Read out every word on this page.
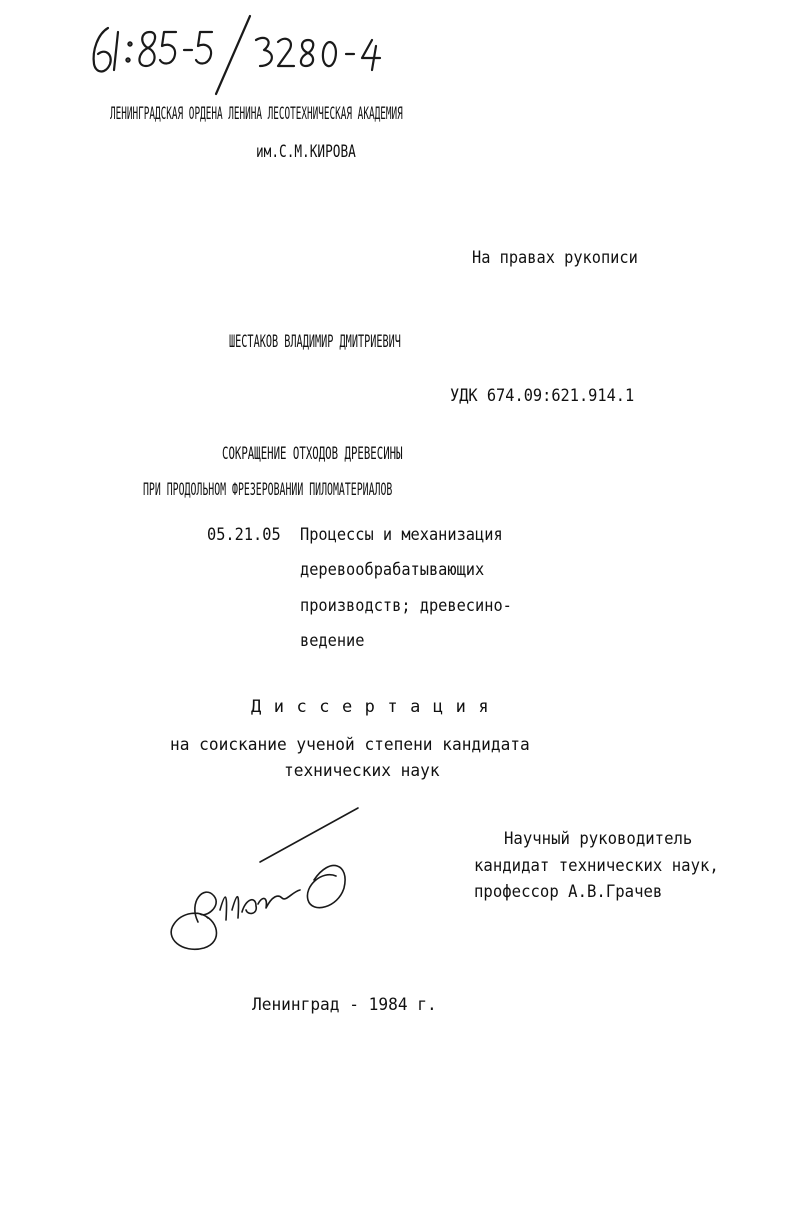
ЛЕНИНГРАДСКАЯ ОРДЕНА ЛЕНИНА ЛЕСОТЕХНИЧЕСКАЯ АКАДЕМИЯ
им.С.М.КИРОВА
На правах рукописи
ШЕСТАКОВ ВЛАДИМИР ДМИТРИЕВИЧ
УДК 674.09:621.914.1
СОКРАЩЕНИЕ ОТХОДОВ ДРЕВЕСИНЫ
ПРИ ПРОДОЛЬНОМ ФРЕЗЕРОВАНИИ ПИЛОМАТЕРИАЛОВ
05.21.05 Процессы и механизация
деревообрабатывающих
производств; древесино-
ведение
Диссертация
на соискание ученой степени кандидата
технических наук
Научный руководитель
кандидат технических наук,
профессор А.В.Грачев
Ленинград - 1984 г.
